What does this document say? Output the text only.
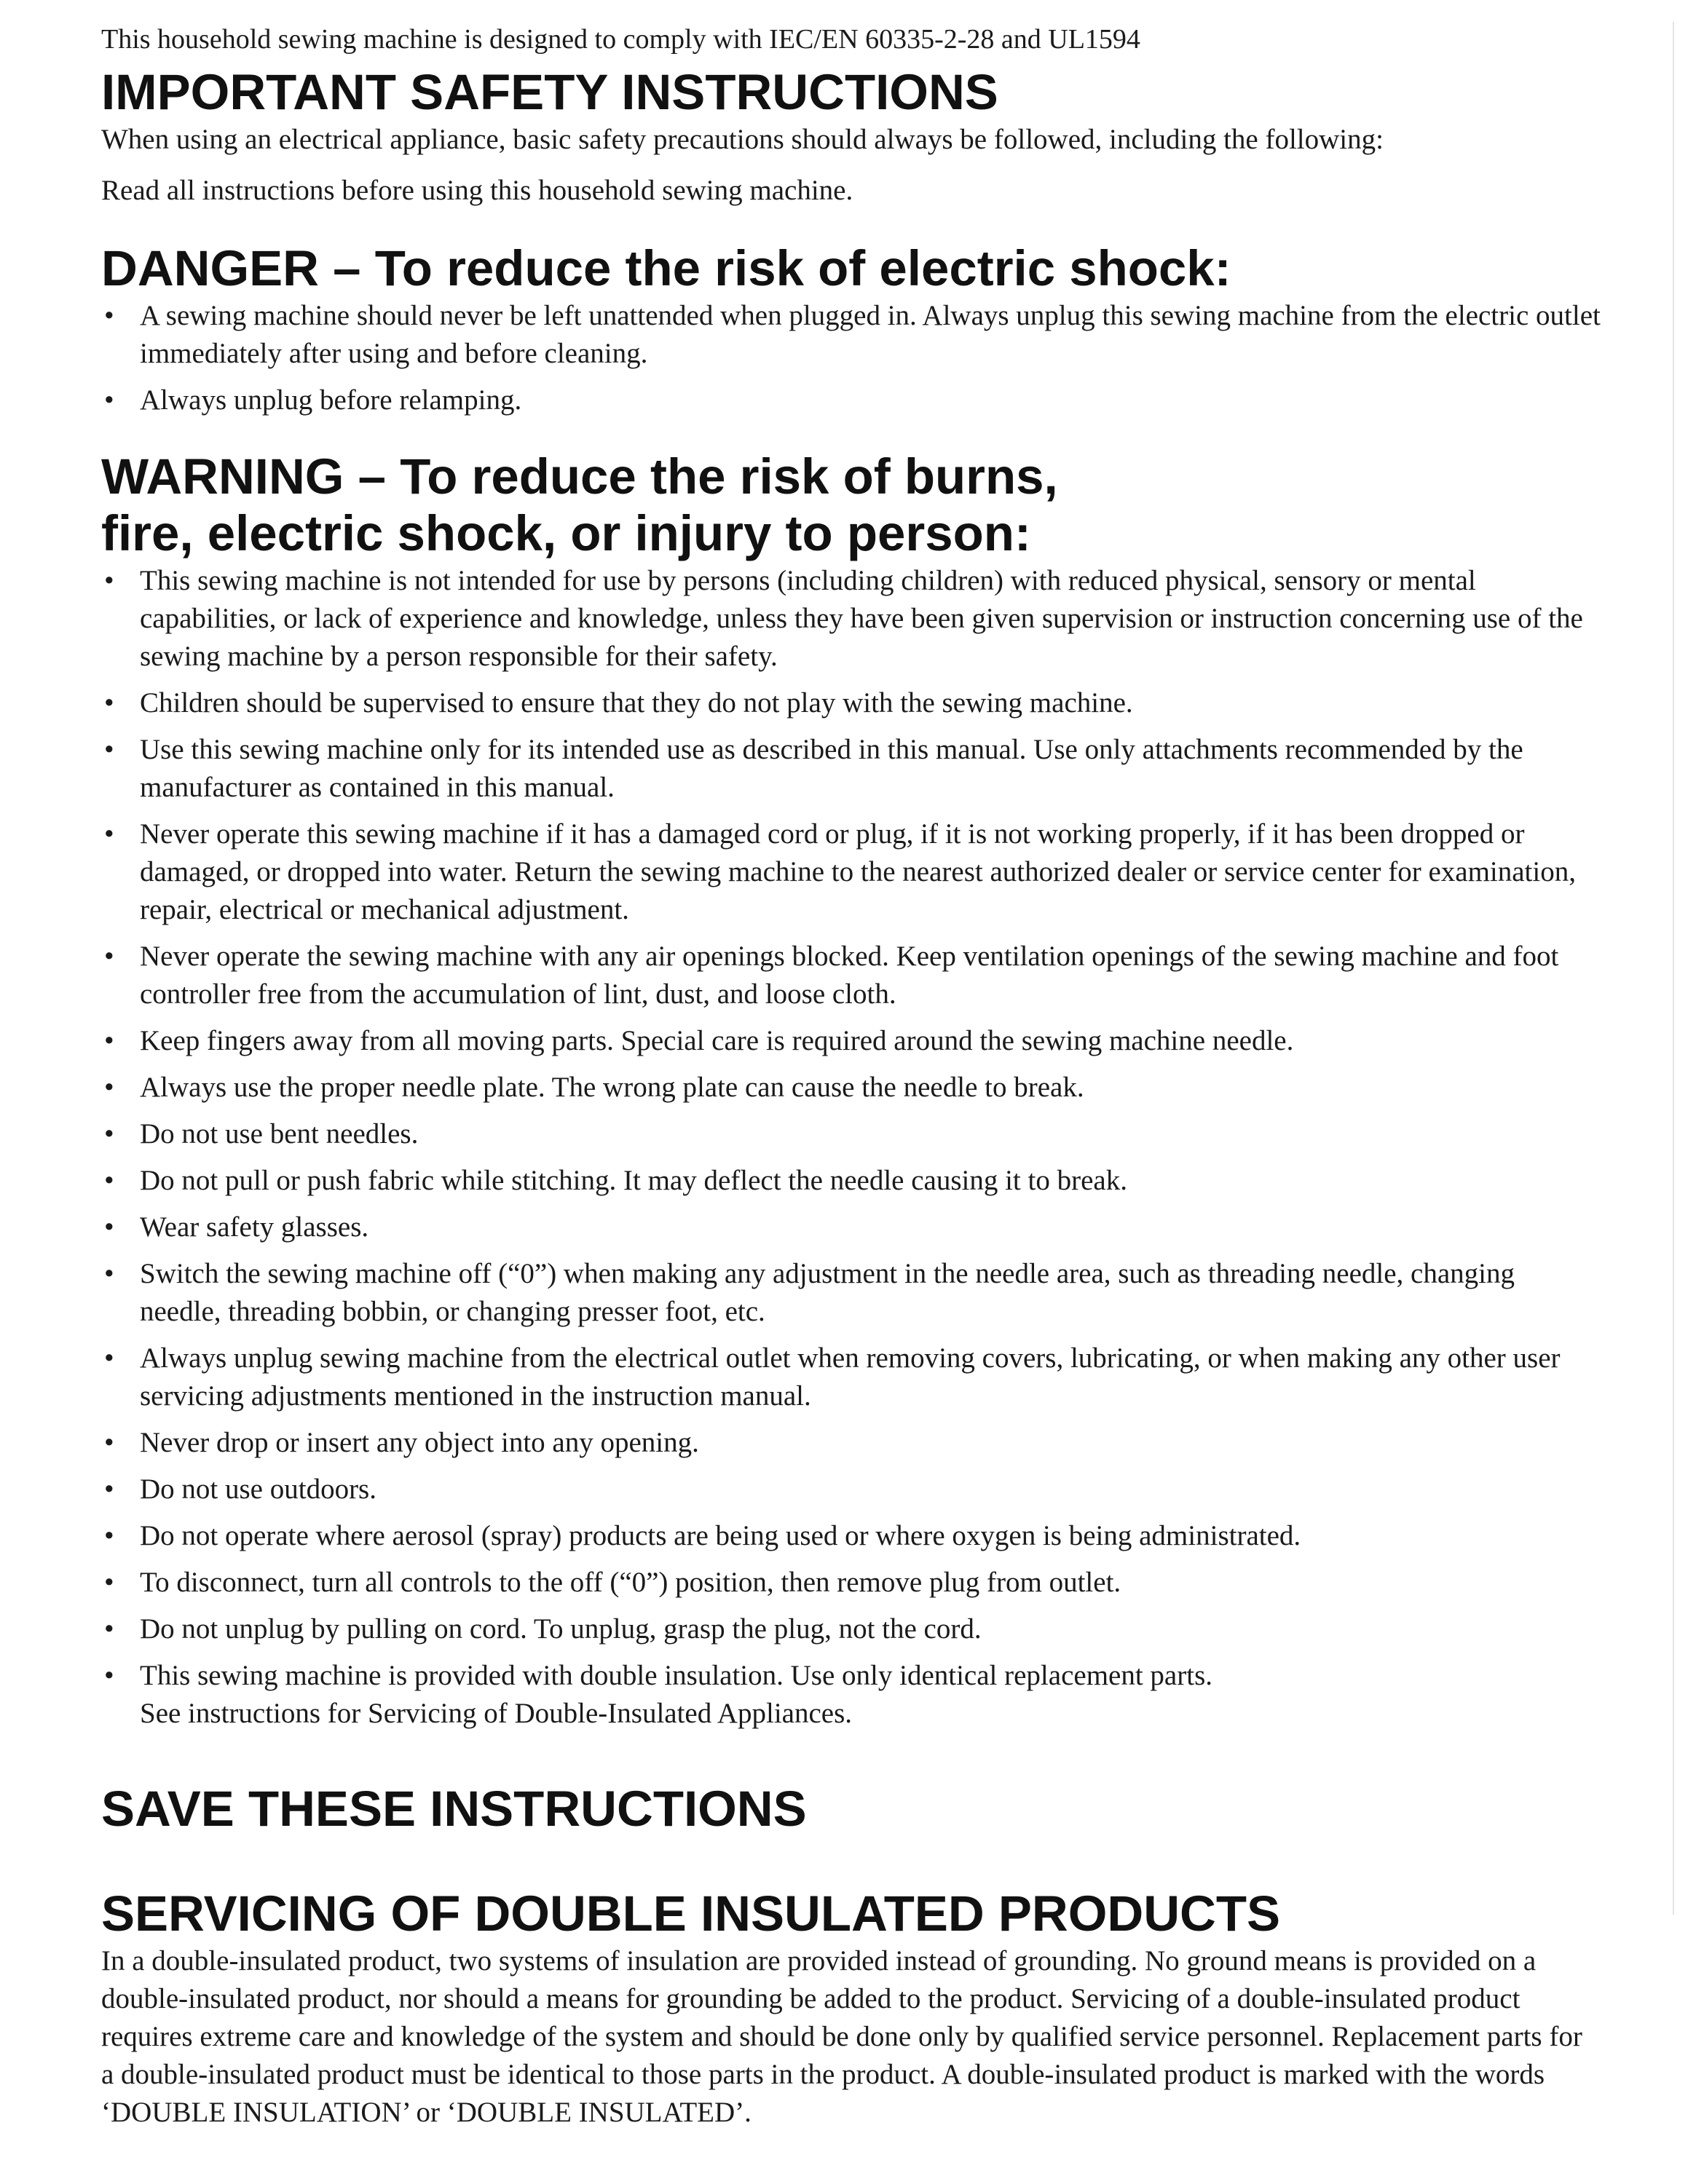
This household sewing machine is designed to comply with IEC/EN 60335-2-28 and UL1594

IMPORTANT SAFETY INSTRUCTIONS

When using an electrical appliance, basic safety precautions should always be followed, including the following:

Read all instructions before using this household sewing machine.

DANGER – To reduce the risk of electric shock:
• A sewing machine should never be left unattended when plugged in. Always unplug this sewing machine from the electric outlet immediately after using and before cleaning.
• Always unplug before relamping.
WARNING – To reduce the risk of burns,
fire, electric shock, or injury to person:
• This sewing machine is not intended for use by persons (including children) with reduced physical, sensory or mental capabilities, or lack of experience and knowledge, unless they have been given supervision or instruction concerning use of the sewing machine by a person responsible for their safety.
• Children should be supervised to ensure that they do not play with the sewing machine.
• Use this sewing machine only for its intended use as described in this manual. Use only attachments recommended by the manufacturer as contained in this manual.
• Never operate this sewing machine if it has a damaged cord or plug, if it is not working properly, if it has been dropped or damaged, or dropped into water. Return the sewing machine to the nearest authorized dealer or service center for examination, repair, electrical or mechanical adjustment.
• Never operate the sewing machine with any air openings blocked. Keep ventilation openings of the sewing machine and foot controller free from the accumulation of lint, dust, and loose cloth.
• Keep fingers away from all moving parts. Special care is required around the sewing machine needle.
• Always use the proper needle plate. The wrong plate can cause the needle to break.
• Do not use bent needles.
• Do not pull or push fabric while stitching. It may deflect the needle causing it to break.
• Wear safety glasses.
• Switch the sewing machine off (“0”) when making any adjustment in the needle area, such as threading needle, changing needle, threading bobbin, or changing presser foot, etc.
• Always unplug sewing machine from the electrical outlet when removing covers, lubricating, or when making any other user servicing adjustments mentioned in the instruction manual.
• Never drop or insert any object into any opening.
• Do not use outdoors.
• Do not operate where aerosol (spray) products are being used or where oxygen is being administrated.
• To disconnect, turn all controls to the off (“0”) position, then remove plug from outlet.
• Do not unplug by pulling on cord. To unplug, grasp the plug, not the cord.
• This sewing machine is provided with double insulation. Use only identical replacement parts.
See instructions for Servicing of Double-Insulated Appliances.
SAVE THESE INSTRUCTIONS
SERVICING OF DOUBLE INSULATED PRODUCTS

In a double-insulated product, two systems of insulation are provided instead of grounding. No ground means is provided on a double-insulated product, nor should a means for grounding be added to the product. Servicing of a double-insulated product requires extreme care and knowledge of the system and should be done only by qualified service personnel. Replacement parts for a double-insulated product must be identical to those parts in the product. A double-insulated product is marked with the words ‘DOUBLE INSULATION’ or ‘DOUBLE INSULATED’.
